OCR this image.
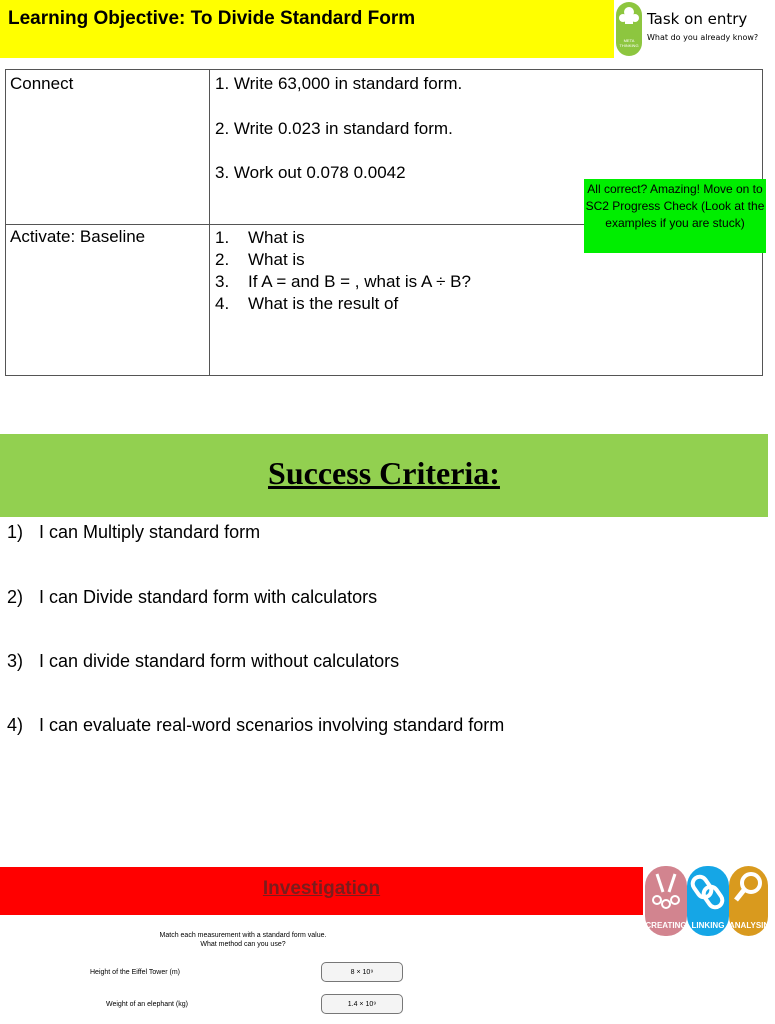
Learning Objective: To Divide Standard Form
META THINKING
Task on entry
What do you already know?
Connect	1. Write 63,000 in standard form.
2. Write 0.023 in standard form.
3. Work out 0.078 0.0042
Activate: Baseline	1.	What is
2.	What is
3.	If A = and B = , what is A ÷ B?
4.	What is the result of
All correct? Amazing! Move on to SC2 Progress Check (Look at the examples if you are stuck)
Success Criteria:
1) I can Multiply standard form
2) I can Divide standard form with calculators
3) I can divide standard form without calculators
4) I can evaluate real-word scenarios involving standard form
Investigation
CREATING LINKING ANALYSING
Match each measurement with a standard form value.
What method can you use?
Height of the Eiffel Tower (m)	8 × 10⁹
Weight of an elephant (kg)	1.4 × 10⁹
